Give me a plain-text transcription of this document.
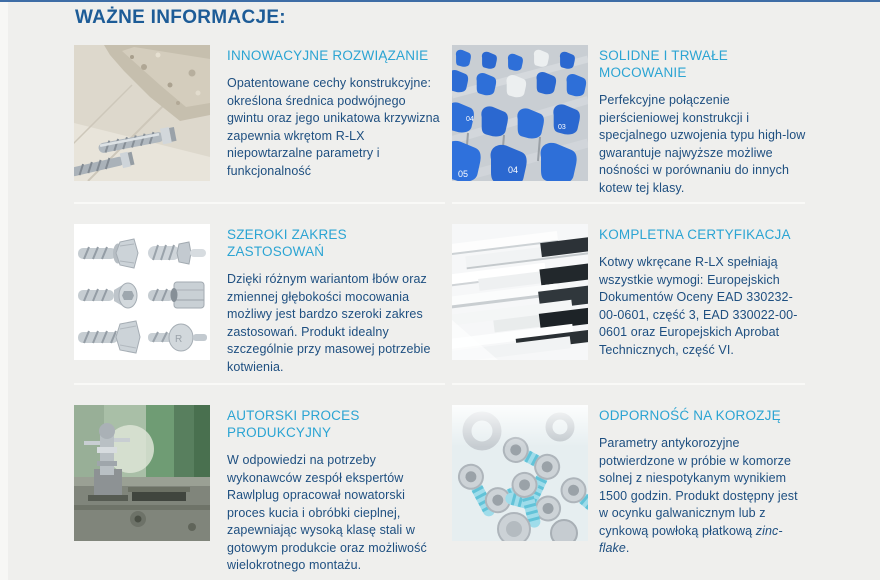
WAŻNE INFORMACJE:
INNOWACYJNE ROZWIĄZANIE

Opatentowane cechy konstrukcyjne: określona średnica podwójnego gwintu oraz jego unikatowa krzywizna zapewnia wkrętom R-LX niepowtarzalne parametry i funkcjonalność

04
03
04
05
SOLIDNE I TRWAŁE MOCOWANIE

Perfekcyjne połączenie pierścieniowej konstrukcji i specjalnego uzwojenia typu high-low gwarantuje najwyższe możliwe nośności w porównaniu do innych kotew tej klasy.

R
SZEROKI ZAKRES ZASTOSOWAŃ

Dzięki różnym wariantom łbów oraz zmiennej głębokości mocowania możliwy jest bardzo szeroki zakres zastosowań. Produkt idealny szczególnie przy masowej potrzebie kotwienia.

KOMPLETNA CERTYFIKACJA

Kotwy wkręcane R-LX spełniają wszystkie wymogi: Europejskich Dokumentów Oceny EAD 330232-00-0601, część 3, EAD 330022-00-0601 oraz Europejskich Aprobat Technicznych, część VI.

AUTORSKI PROCES PRODUKCYJNY

W odpowiedzi na potrzeby wykonawców zespół ekspertów Rawlplug opracował nowatorski proces kucia i obróbki cieplnej, zapewniając wysoką klasę stali w gotowym produkcie oraz możliwość wielokrotnego montażu.

ODPORNOŚĆ NA KOROZJĘ

Parametry antykorozyjne potwierdzone w próbie w komorze solnej z niespotykanym wynikiem 1500 godzin. Produkt dostępny jest w ocynku galwanicznym lub z cynkową powłoką płatkową zinc-flake.
